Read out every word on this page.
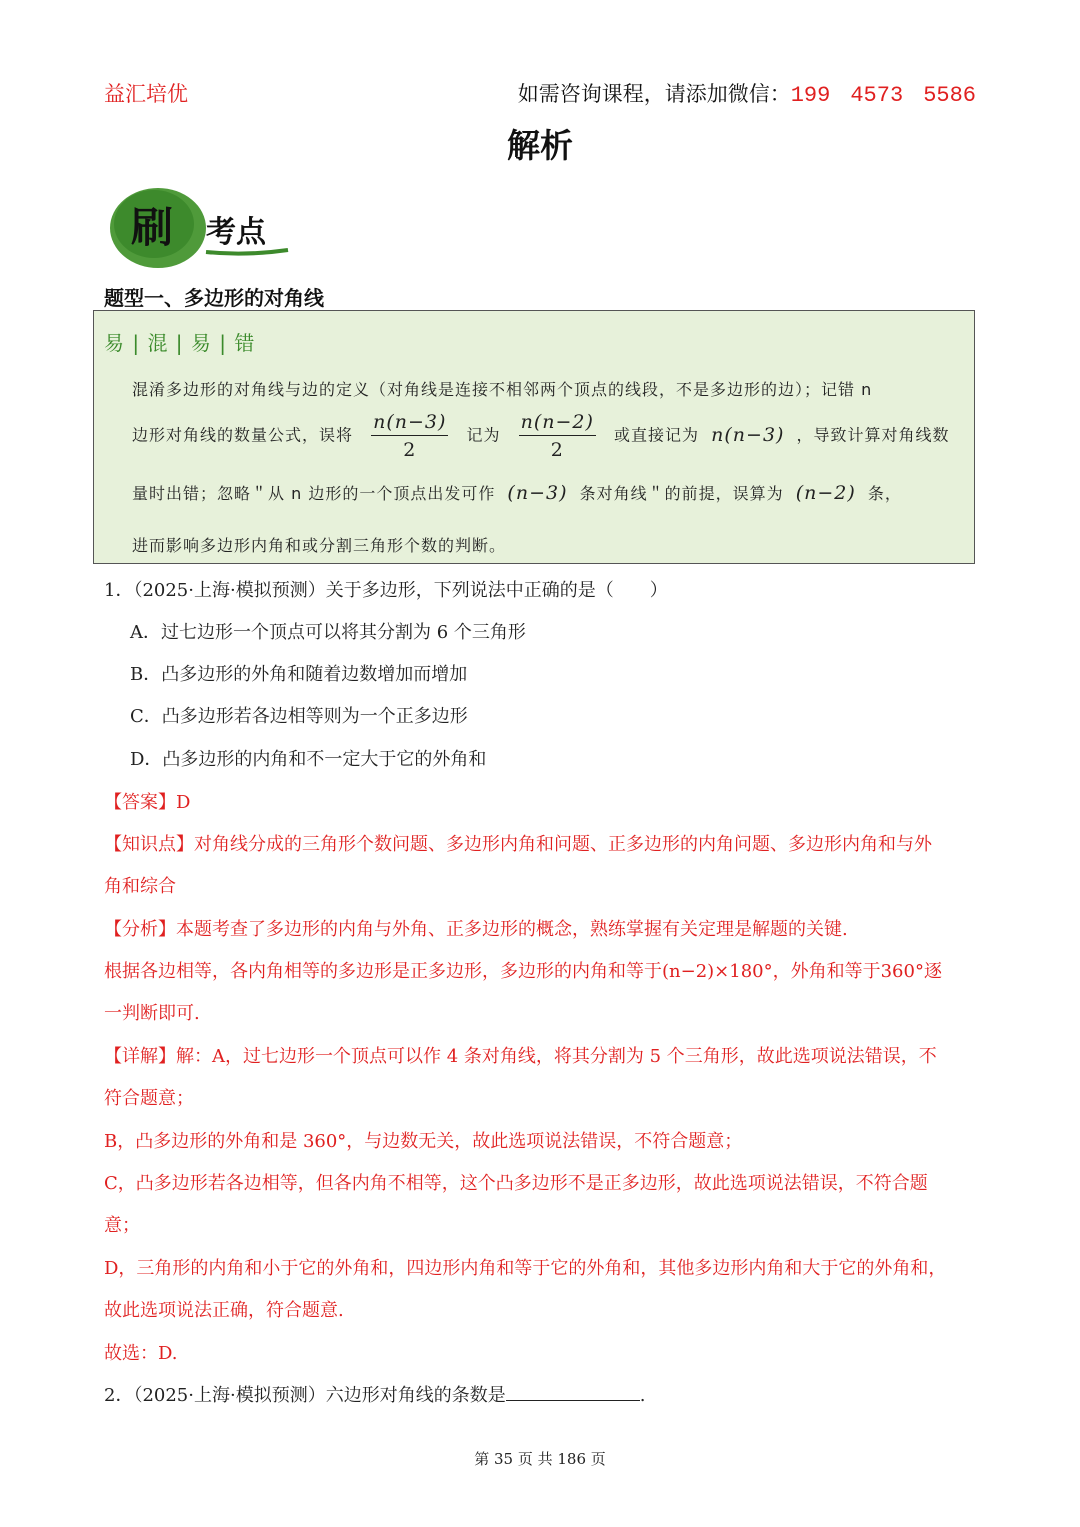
益汇培优	如需咨询课程，请添加微信：199 4573 5586
解析
刷 考点
题型一、多边形的对角线
易 | 混 | 易 | 错
混淆多边形的对角线与边的定义（对角线是连接不相邻两个顶点的线段，不是多边形的边）；记错 n
边形对角线的数量公式，误将 $\frac{n(n-3)}{2}$ 记为 $\frac{n(n-2)}{2}$ 或直接记为 n(n−3) ，导致计算对角线数
量时出错；忽略＂从 n 边形的一个顶点出发可作 (n−3) 条对角线＂的前提，误算为 (n−2) 条，
进而影响多边形内角和或分割三角形个数的判断。
1．（2025·上海·模拟预测）关于多边形，下列说法中正确的是（　　）
A．过七边形一个顶点可以将其分割为 6 个三角形
B．凸多边形的外角和随着边数增加而增加
C．凸多边形若各边相等则为一个正多边形
D．凸多边形的内角和不一定大于它的外角和
【答案】D
【知识点】对角线分成的三角形个数问题、多边形内角和问题、正多边形的内角问题、多边形内角和与外
角和综合
【分析】本题考查了多边形的内角与外角、正多边形的概念，熟练掌握有关定理是解题的关键.
根据各边相等，各内角相等的多边形是正多边形，多边形的内角和等于(n−2)×180°，外角和等于360°逐
一判断即可.
【详解】解：A，过七边形一个顶点可以作 4 条对角线，将其分割为 5 个三角形，故此选项说法错误，不
符合题意；
B，凸多边形的外角和是 360°，与边数无关，故此选项说法错误，不符合题意；
C，凸多边形若各边相等，但各内角不相等，这个凸多边形不是正多边形，故此选项说法错误，不符合题
意；
D，三角形的内角和小于它的外角和，四边形内角和等于它的外角和，其他多边形内角和大于它的外角和，
故此选项说法正确，符合题意.
故选：D.
2．（2025·上海·模拟预测）六边形对角线的条数是	.
第 35 页 共 186 页
